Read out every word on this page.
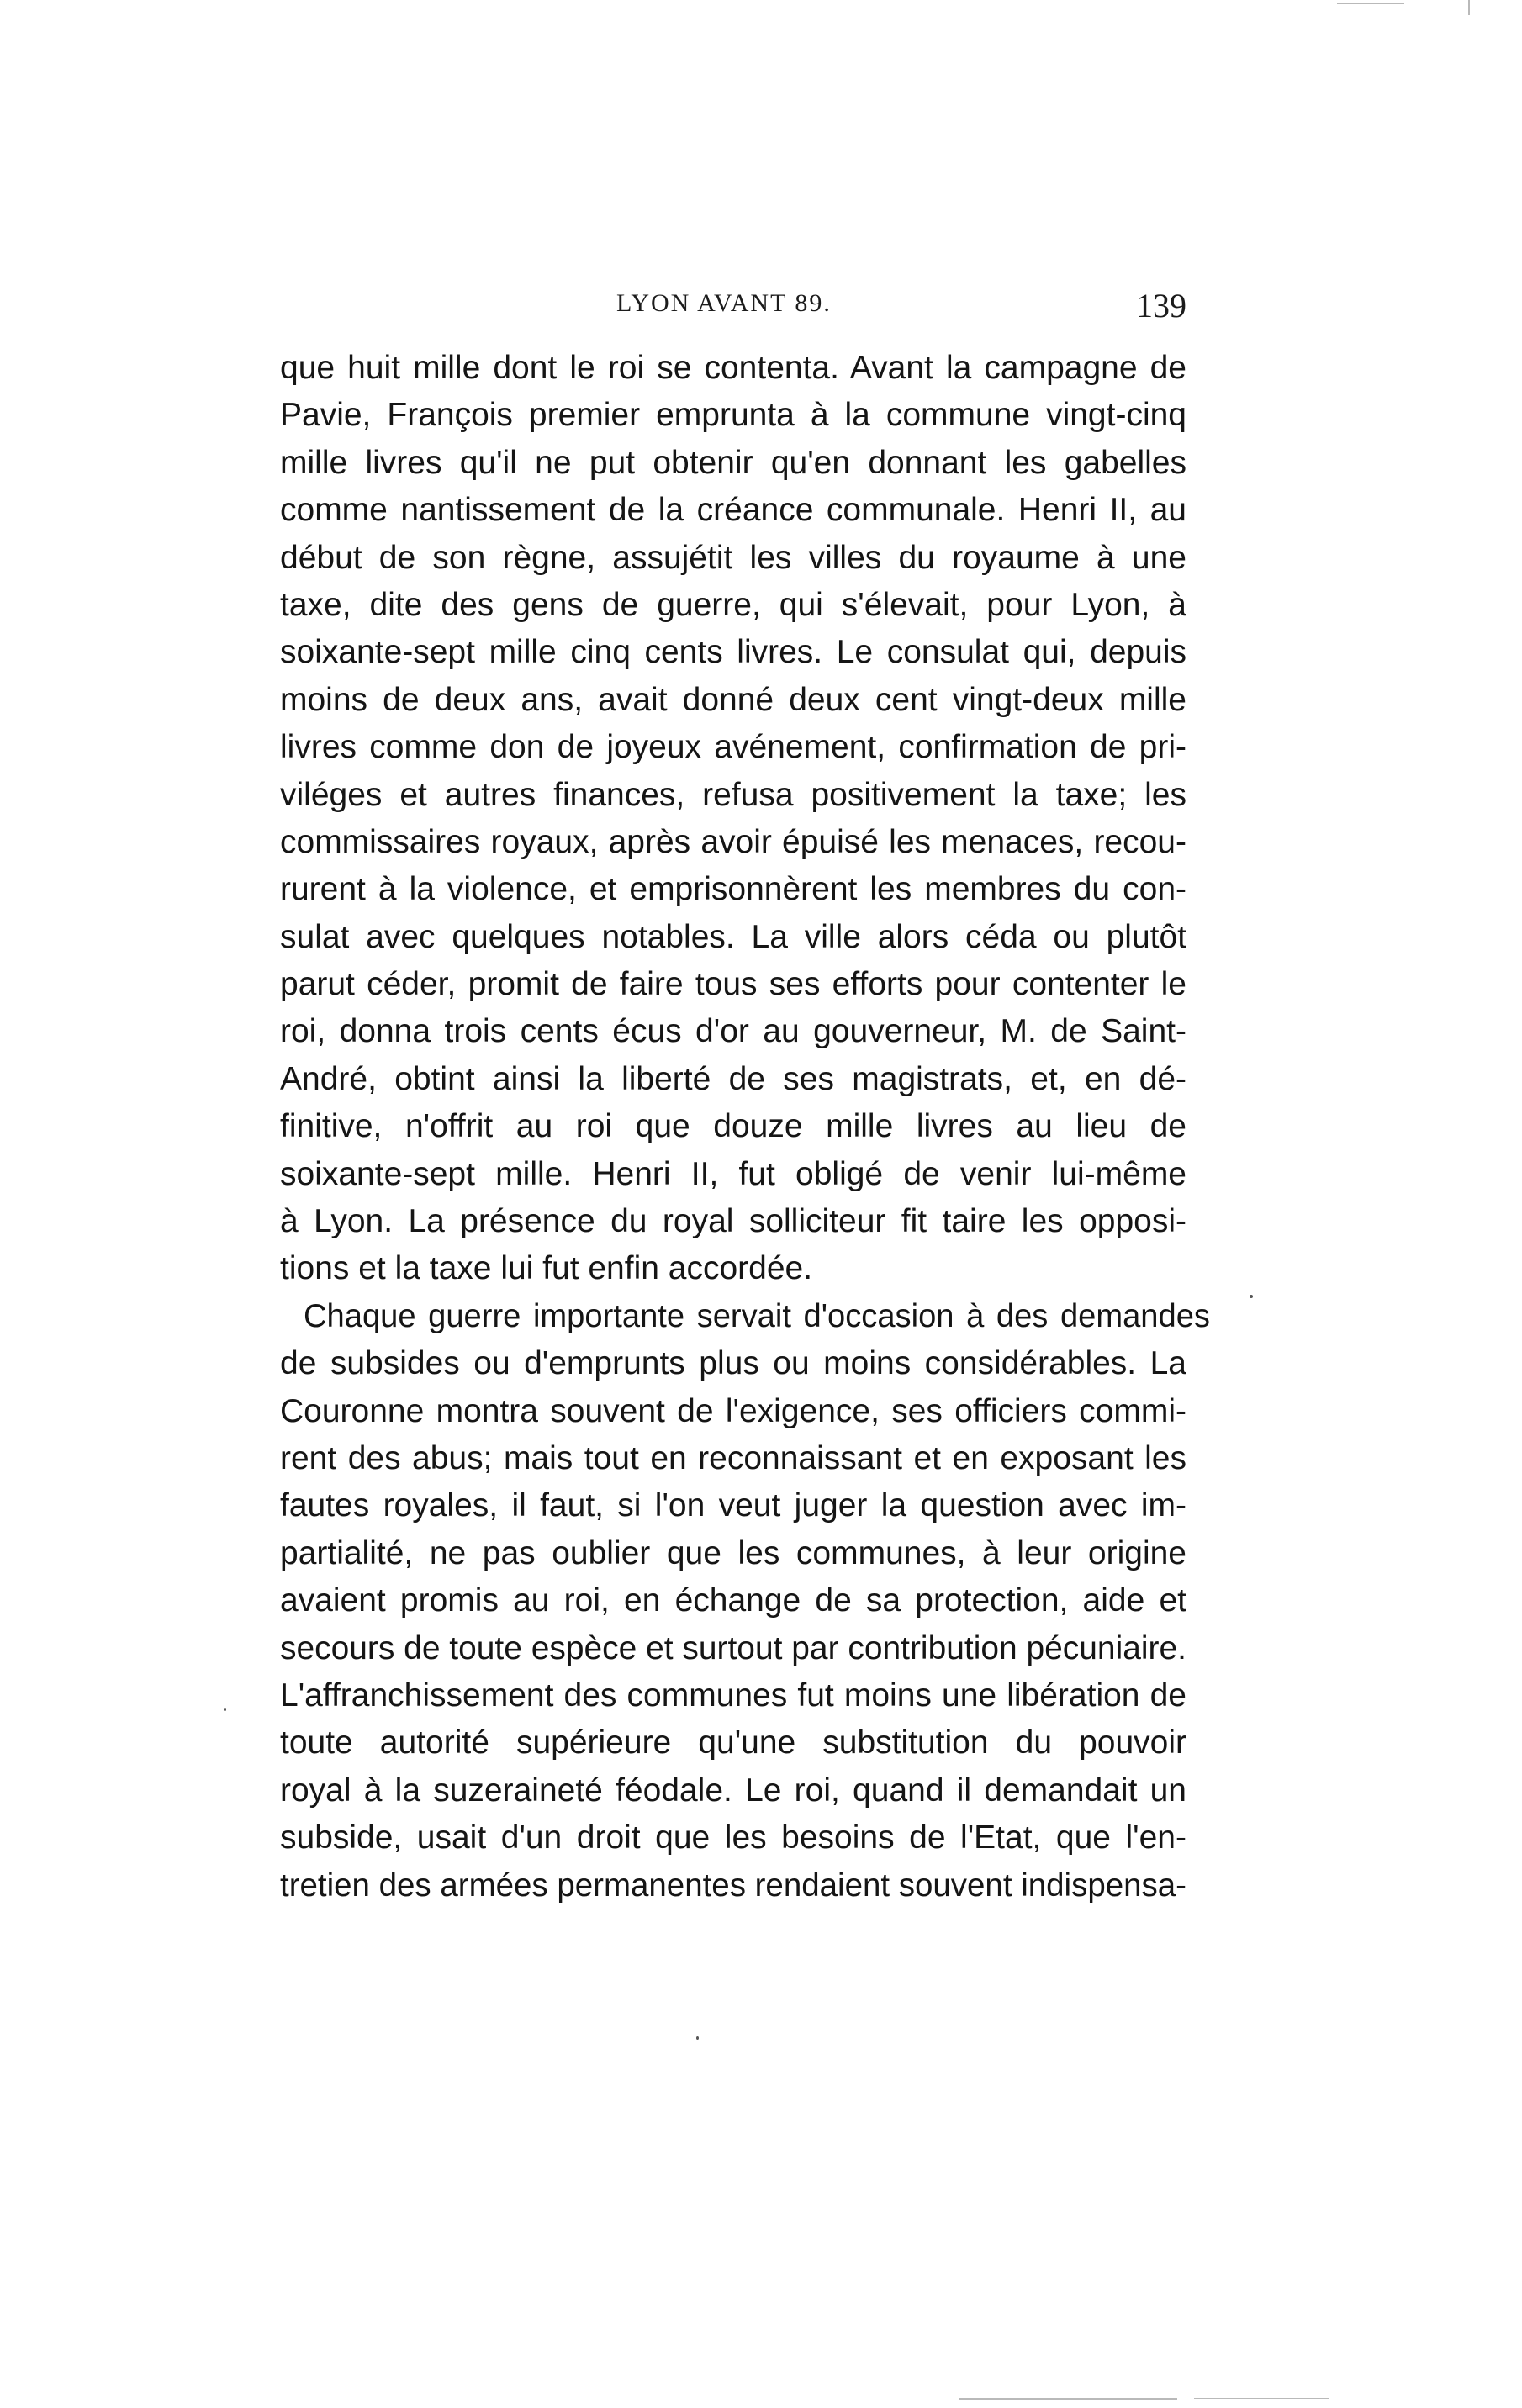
LYON AVANT 89.	139
que huit mille dont le roi se contenta. Avant la campagne de
Pavie, François premier emprunta à la commune vingt-cinq
mille livres qu'il ne put obtenir qu'en donnant les gabelles
comme nantissement de la créance communale. Henri II, au
début de son règne, assujétit les villes du royaume à une
taxe, dite des gens de guerre, qui s'élevait, pour Lyon, à
soixante-sept mille cinq cents livres. Le consulat qui, depuis
moins de deux ans, avait donné deux cent vingt-deux mille
livres comme don de joyeux avénement, confirmation de pri-
viléges et autres finances, refusa positivement la taxe; les
commissaires royaux, après avoir épuisé les menaces, recou-
rurent à la violence, et emprisonnèrent les membres du con-
sulat avec quelques notables. La ville alors céda ou plutôt
parut céder, promit de faire tous ses efforts pour contenter le
roi, donna trois cents écus d'or au gouverneur, M. de Saint-
André, obtint ainsi la liberté de ses magistrats, et, en dé-
finitive, n'offrit au roi que douze mille livres au lieu de
soixante-sept mille. Henri II, fut obligé de venir lui-même
à Lyon. La présence du royal solliciteur fit taire les opposi-
tions et la taxe lui fut enfin accordée.
Chaque guerre importante servait d'occasion à des demandes
de subsides ou d'emprunts plus ou moins considérables. La
Couronne montra souvent de l'exigence, ses officiers commi-
rent des abus; mais tout en reconnaissant et en exposant les
fautes royales, il faut, si l'on veut juger la question avec im-
partialité, ne pas oublier que les communes, à leur origine
avaient promis au roi, en échange de sa protection, aide et
secours de toute espèce et surtout par contribution pécuniaire.
L'affranchissement des communes fut moins une libération de
toute autorité supérieure qu'une substitution du pouvoir
royal à la suzeraineté féodale. Le roi, quand il demandait un
subside, usait d'un droit que les besoins de l'Etat, que l'en-
tretien des armées permanentes rendaient souvent indispensa-
